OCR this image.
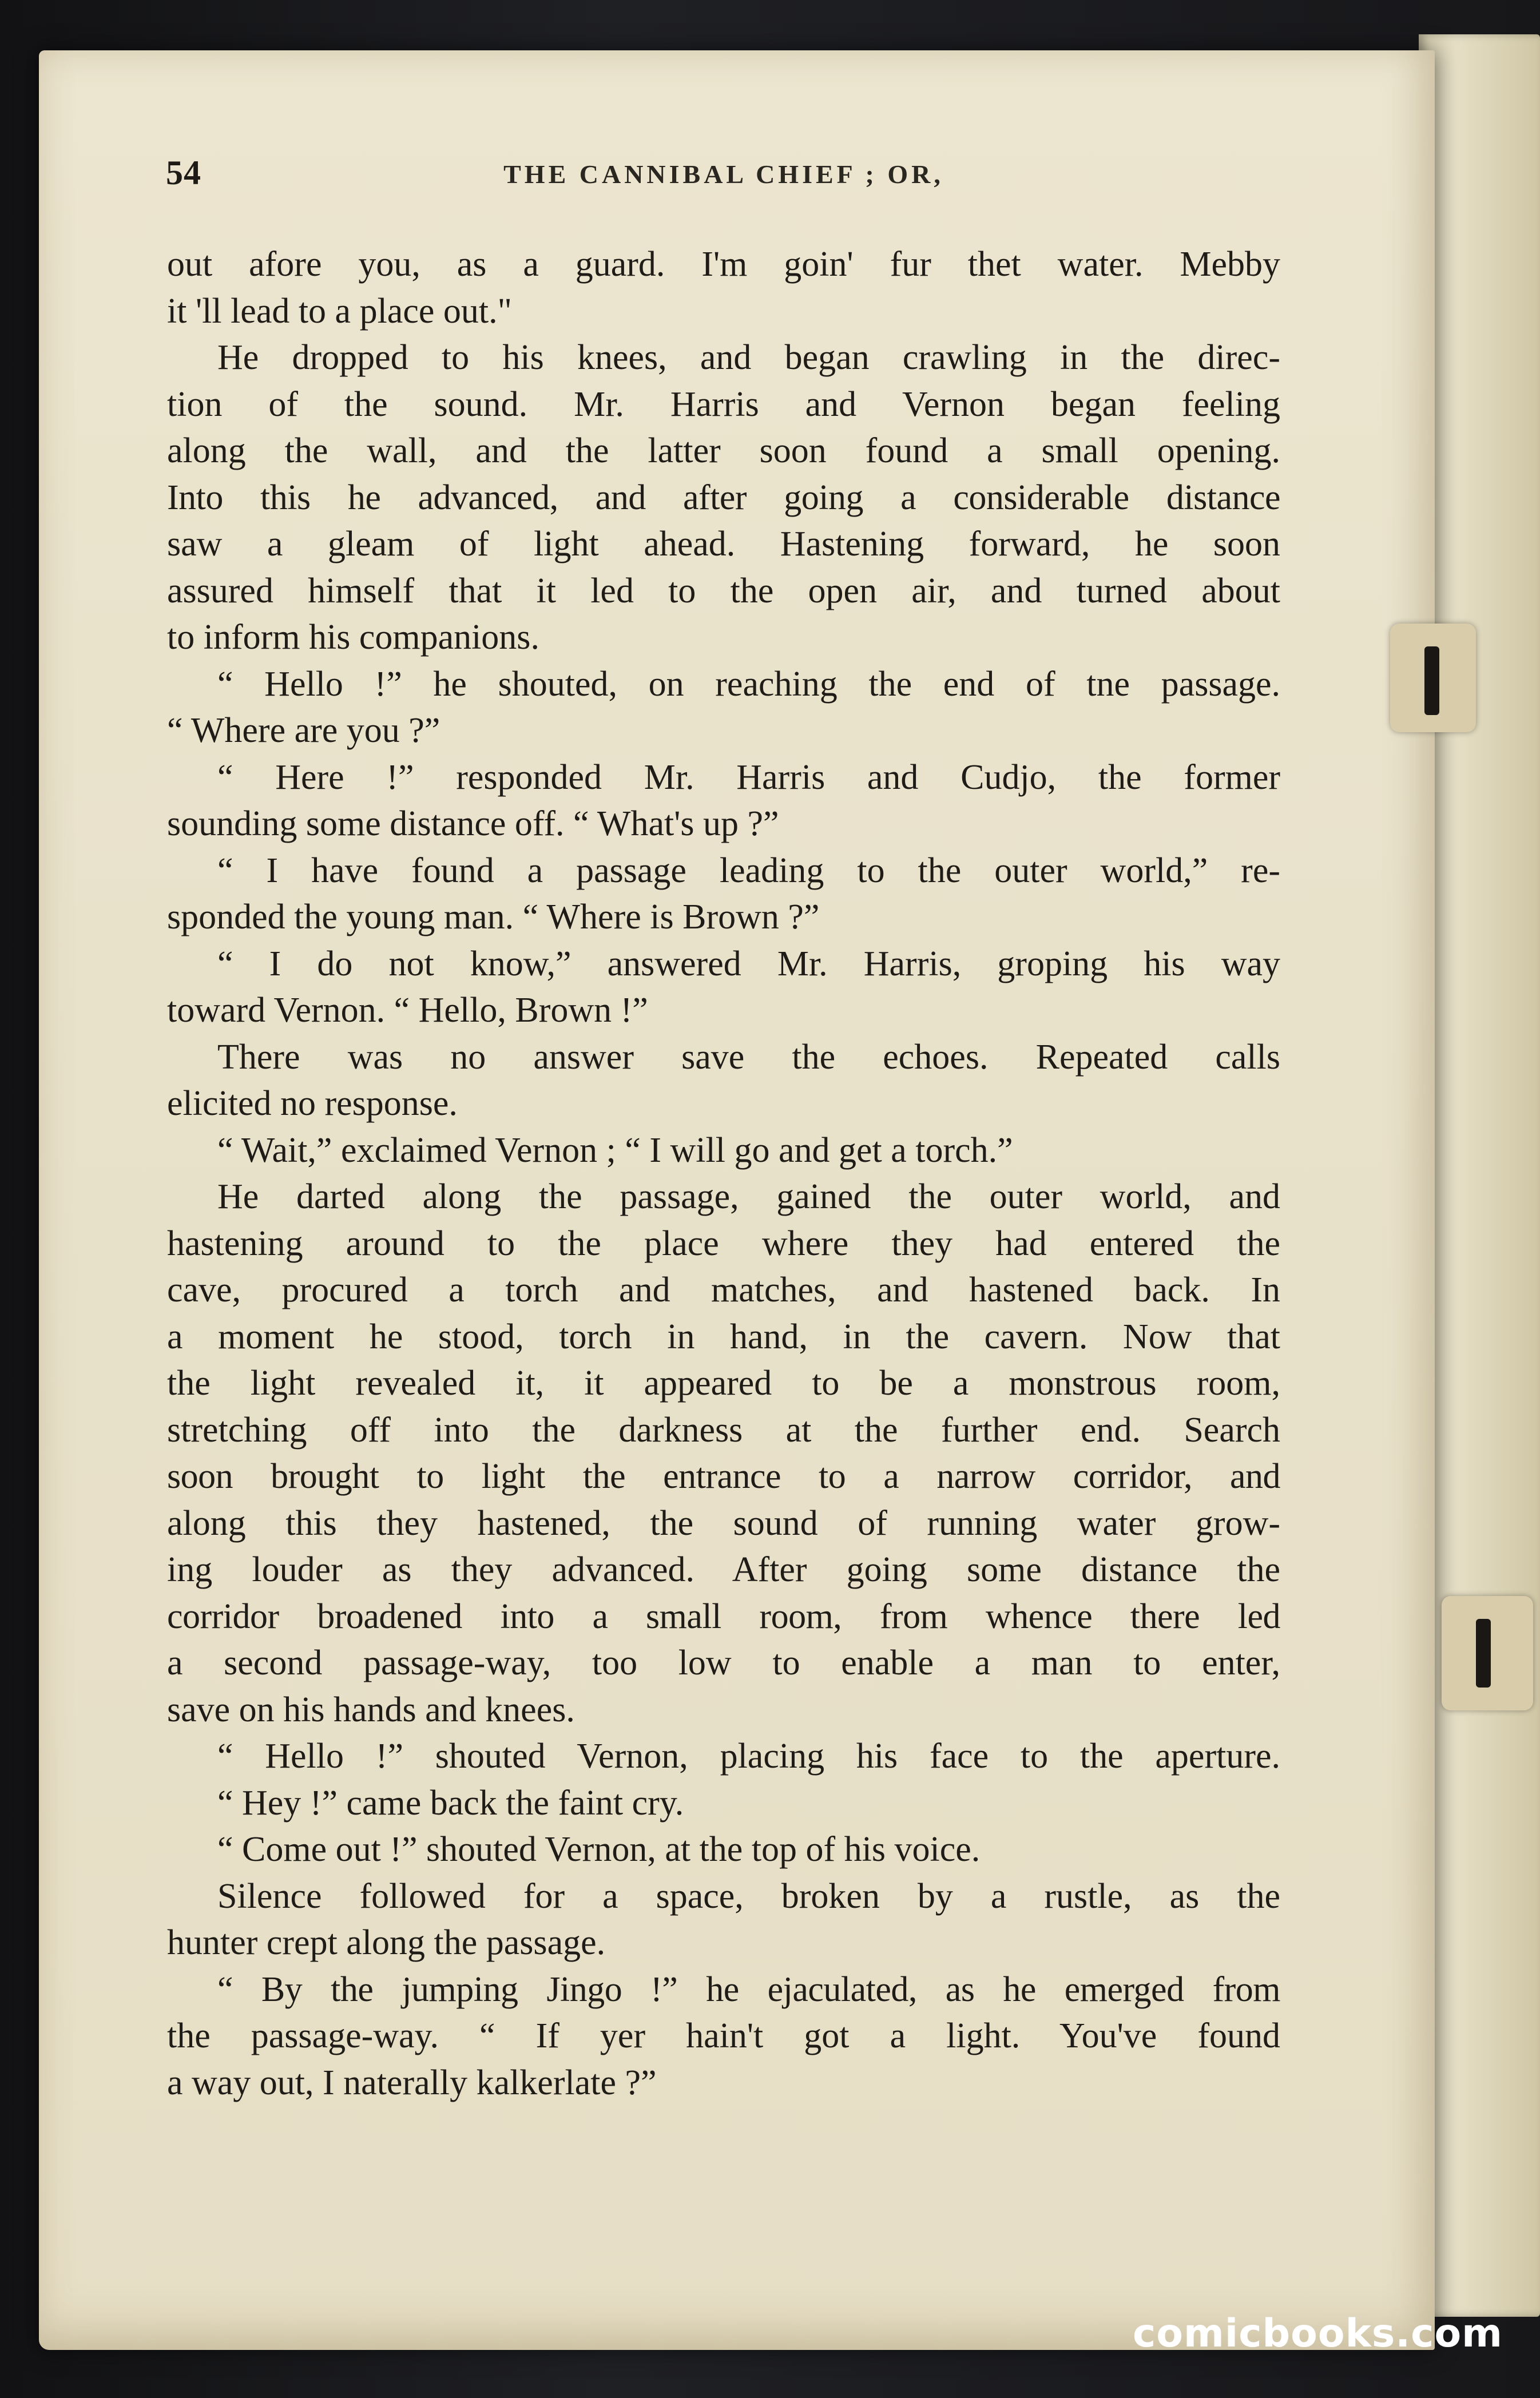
54	THE CANNIBAL CHIEF ; OR,
out afore you, as a guard. I'm goin' fur thet water. Mebby
it 'll lead to a place out."
He dropped to his knees, and began crawling in the direc-
tion of the sound. Mr. Harris and Vernon began feeling
along the wall, and the latter soon found a small opening.
Into this he advanced, and after going a considerable distance
saw a gleam of light ahead. Hastening forward, he soon
assured himself that it led to the open air, and turned about
to inform his companions.
“ Hello !” he shouted, on reaching the end of tne passage.
“ Where are you ?”
“ Here !” responded Mr. Harris and Cudjo, the former
sounding some distance off. “ What's up ?”
“ I have found a passage leading to the outer world,” re-
sponded the young man. “ Where is Brown ?”
“ I do not know,” answered Mr. Harris, groping his way
toward Vernon. “ Hello, Brown !”
There was no answer save the echoes. Repeated calls
elicited no response.
“ Wait,” exclaimed Vernon ; “ I will go and get a torch.”
He darted along the passage, gained the outer world, and
hastening around to the place where they had entered the
cave, procured a torch and matches, and hastened back. In
a moment he stood, torch in hand, in the cavern. Now that
the light revealed it, it appeared to be a monstrous room,
stretching off into the darkness at the further end. Search
soon brought to light the entrance to a narrow corridor, and
along this they hastened, the sound of running water grow-
ing louder as they advanced. After going some distance the
corridor broadened into a small room, from whence there led
a second passage-way, too low to enable a man to enter,
save on his hands and knees.
“ Hello !” shouted Vernon, placing his face to the aperture.
“ Hey !” came back the faint cry.
“ Come out !” shouted Vernon, at the top of his voice.
Silence followed for a space, broken by a rustle, as the
hunter crept along the passage.
“ By the jumping Jingo !” he ejaculated, as he emerged from
the passage-way. “ If yer hain't got a light. You've found
a way out, I naterally kalkerlate ?”
comicbooks.com
